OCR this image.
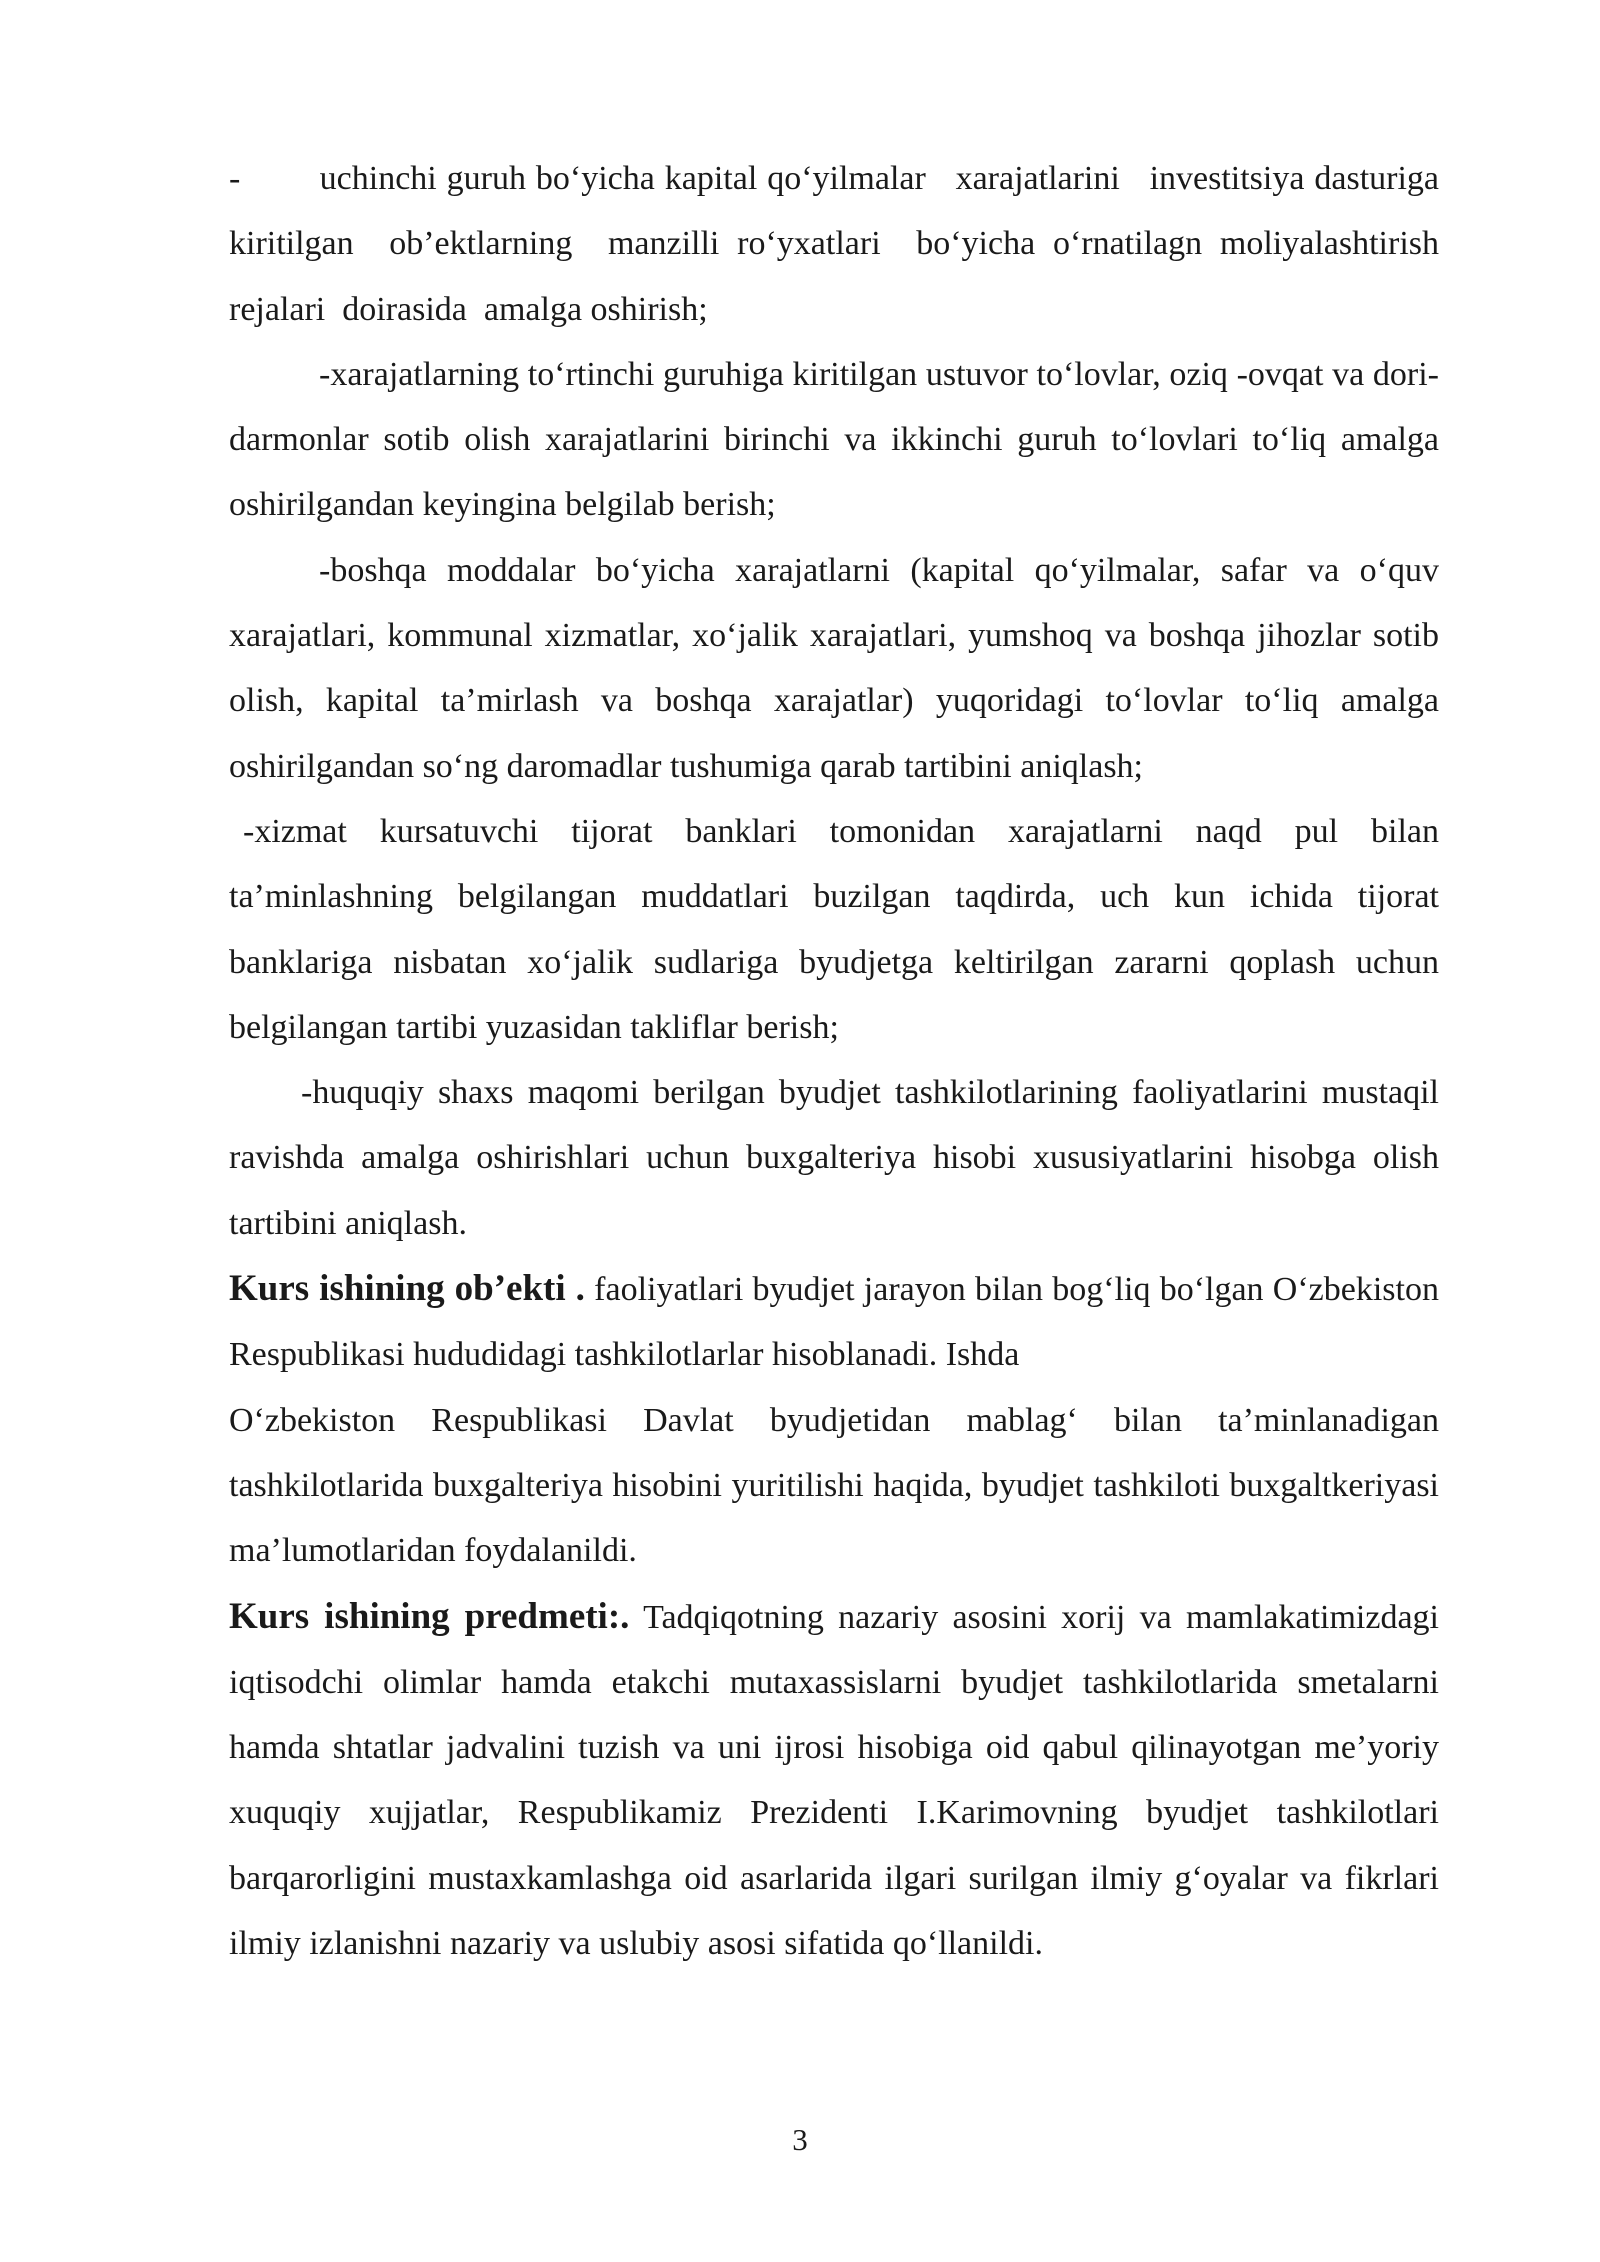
-        uchinchi guruh bo‘yicha kapital qo‘yilmalar   xarajatlarini   investitsiya dasturiga  kiritilgan  ob’ektlarning  manzilli ro‘yxatlari  bo‘yicha o‘rnatilagn moliyalashtirish rejalari  doirasida  amalga oshirish;

-xarajatlarning to‘rtinchi guruhiga kiritilgan ustuvor to‘lovlar, oziq -ovqat va dori-darmonlar sotib olish xarajatlarini birinchi va ikkinchi guruh to‘lovlari to‘liq amalga oshirilgandan keyingina belgilab berish;

-boshqa moddalar bo‘yicha xarajatlarni (kapital qo‘yilmalar, safar va o‘quv xarajatlari, kommunal xizmatlar, xo‘jalik xarajatlari, yumshoq va boshqa jihozlar sotib olish, kapital ta’mirlash va boshqa xarajatlar) yuqoridagi to‘lovlar to‘liq amalga oshirilgandan so‘ng daromadlar tushumiga qarab tartibini aniqlash;

-xizmat kursatuvchi tijorat banklari tomonidan xarajatlarni naqd pul bilan ta’minlashning belgilangan muddatlari buzilgan taqdirda, uch kun ichida tijorat banklariga nisbatan xo‘jalik sudlariga byudjetga keltirilgan zararni qoplash uchun belgilangan tartibi yuzasidan takliflar berish;

-huquqiy shaxs maqomi berilgan byudjet tashkilotlarining faoliyatlarini mustaqil ravishda amalga oshirishlari uchun buxgalteriya hisobi xususiyatlarini hisobga olish tartibini aniqlash.

Kurs ishining ob’ekti . faoliyatlari byudjet jarayon bilan bog‘liq bo‘lgan O‘zbekiston Respublikasi hududidagi tashkilotlarlar hisoblanadi. Ishda

O‘zbekiston Respublikasi Davlat byudjetidan mablag‘ bilan ta’minlanadigan tashkilotlarida buxgalteriya hisobini yuritilishi haqida, byudjet tashkiloti buxgaltkeriyasi ma’lumotlaridan foydalanildi.

Kurs ishining predmeti:. Tadqiqotning nazariy asosini xorij va mamlakatimizdagi iqtisodchi olimlar hamda etakchi mutaxassislarni byudjet tashkilotlarida smetalarni hamda shtatlar jadvalini tuzish va uni ijrosi hisobiga oid qabul qilinayotgan me’yoriy xuquqiy xujjatlar, Respublikamiz Prezidenti I.Karimovning byudjet tashkilotlari barqarorligini mustaxkamlashga oid asarlarida ilgari surilgan ilmiy g‘oyalar va fikrlari ilmiy izlanishni nazariy va uslubiy asosi sifatida qo‘llanildi.

3
